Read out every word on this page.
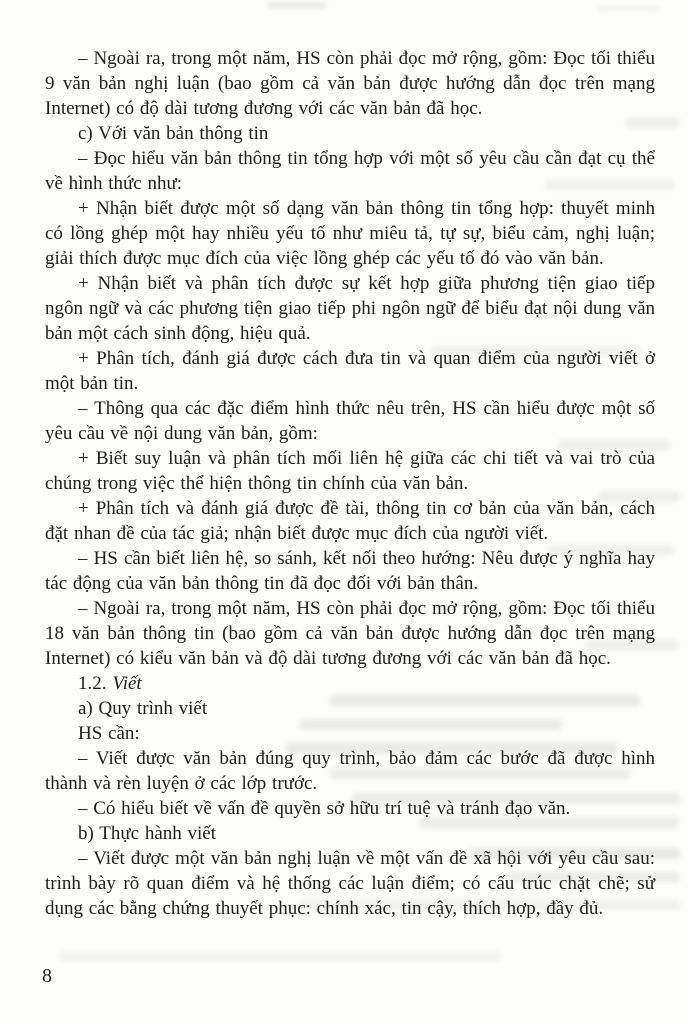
– Ngoài ra, trong một năm, HS còn phải đọc mở rộng, gồm: Đọc tối thiểu 9 văn bản nghị luận (bao gồm cả văn bản được hướng dẫn đọc trên mạng Internet) có độ dài tương đương với các văn bản đã học.

c) Với văn bản thông tin

– Đọc hiểu văn bản thông tin tổng hợp với một số yêu cầu cần đạt cụ thể về hình thức như:

+ Nhận biết được một số dạng văn bản thông tin tổng hợp: thuyết minh có lồng ghép một hay nhiều yếu tố như miêu tả, tự sự, biểu cảm, nghị luận; giải thích được mục đích của việc lồng ghép các yếu tố đó vào văn bản.

+ Nhận biết và phân tích được sự kết hợp giữa phương tiện giao tiếp ngôn ngữ và các phương tiện giao tiếp phi ngôn ngữ để biểu đạt nội dung văn bản một cách sinh động, hiệu quả.

+ Phân tích, đánh giá được cách đưa tin và quan điểm của người viết ở một bản tin.

– Thông qua các đặc điểm hình thức nêu trên, HS cần hiểu được một số yêu cầu về nội dung văn bản, gồm:

+ Biết suy luận và phân tích mối liên hệ giữa các chi tiết và vai trò của chúng trong việc thể hiện thông tin chính của văn bản.

+ Phân tích và đánh giá được đề tài, thông tin cơ bản của văn bản, cách đặt nhan đề của tác giả; nhận biết được mục đích của người viết.

– HS cần biết liên hệ, so sánh, kết nối theo hướng: Nêu được ý nghĩa hay tác động của văn bản thông tin đã đọc đối với bản thân.

– Ngoài ra, trong một năm, HS còn phải đọc mở rộng, gồm: Đọc tối thiểu 18 văn bản thông tin (bao gồm cả văn bản được hướng dẫn đọc trên mạng Internet) có kiểu văn bản và độ dài tương đương với các văn bản đã học.

1.2. Viết

a) Quy trình viết

HS cần:

– Viết được văn bản đúng quy trình, bảo đảm các bước đã được hình thành và rèn luyện ở các lớp trước.

– Có hiểu biết về vấn đề quyền sở hữu trí tuệ và tránh đạo văn.

b) Thực hành viết

– Viết được một văn bản nghị luận về một vấn đề xã hội với yêu cầu sau: trình bày rõ quan điểm và hệ thống các luận điểm; có cấu trúc chặt chẽ; sử dụng các bằng chứng thuyết phục: chính xác, tin cậy, thích hợp, đầy đủ.

8
